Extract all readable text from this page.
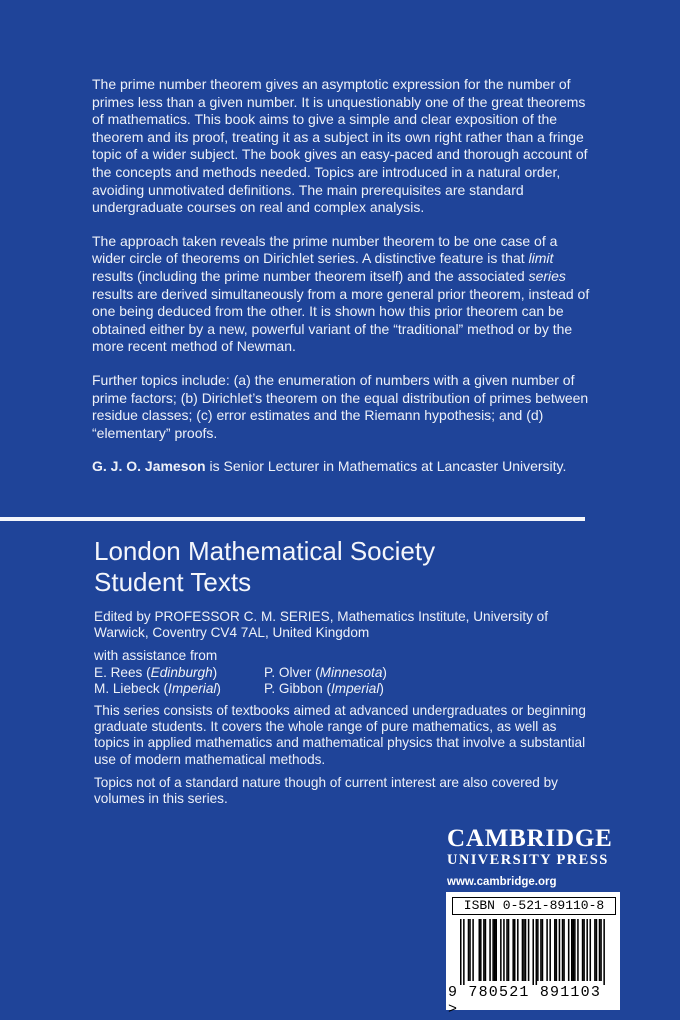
The prime number theorem gives an asymptotic expression for the number of primes less than a given number. It is unquestionably one of the great theorems of mathematics. This book aims to give a simple and clear exposition of the theorem and its proof, treating it as a subject in its own right rather than a fringe topic of a wider subject. The book gives an easy-paced and thorough account of the concepts and methods needed. Topics are introduced in a natural order, avoiding unmotivated definitions. The main prerequisites are standard undergraduate courses on real and complex analysis.

The approach taken reveals the prime number theorem to be one case of a wider circle of theorems on Dirichlet series. A distinctive feature is that limit results (including the prime number theorem itself) and the associated series results are derived simultaneously from a more general prior theorem, instead of one being deduced from the other. It is shown how this prior theorem can be obtained either by a new, powerful variant of the “traditional” method or by the more recent method of Newman.

Further topics include: (a) the enumeration of numbers with a given number of prime factors; (b) Dirichlet’s theorem on the equal distribution of primes between residue classes; (c) error estimates and the Riemann hypothesis; and (d) “elementary” proofs.

G. J. O. Jameson is Senior Lecturer in Mathematics at Lancaster University.

London Mathematical Society
Student Texts

Edited by PROFESSOR C. M. SERIES, Mathematics Institute, University of Warwick, Coventry CV4 7AL, United Kingdom

with assistance from
E. Rees (Edinburgh)	P. Olver (Minnesota)
M. Liebeck (Imperial)	P. Gibbon (Imperial)

This series consists of textbooks aimed at advanced undergraduates or beginning graduate students. It covers the whole range of pure mathematics, as well as topics in applied mathematics and mathematical physics that involve a substantial use of modern mathematical methods.

Topics not of a standard nature though of current interest are also covered by volumes in this series.

CAMBRIDGE
UNIVERSITY PRESS
www.cambridge.org
ISBN 0-521-89110-8
9 780521 891103 >
